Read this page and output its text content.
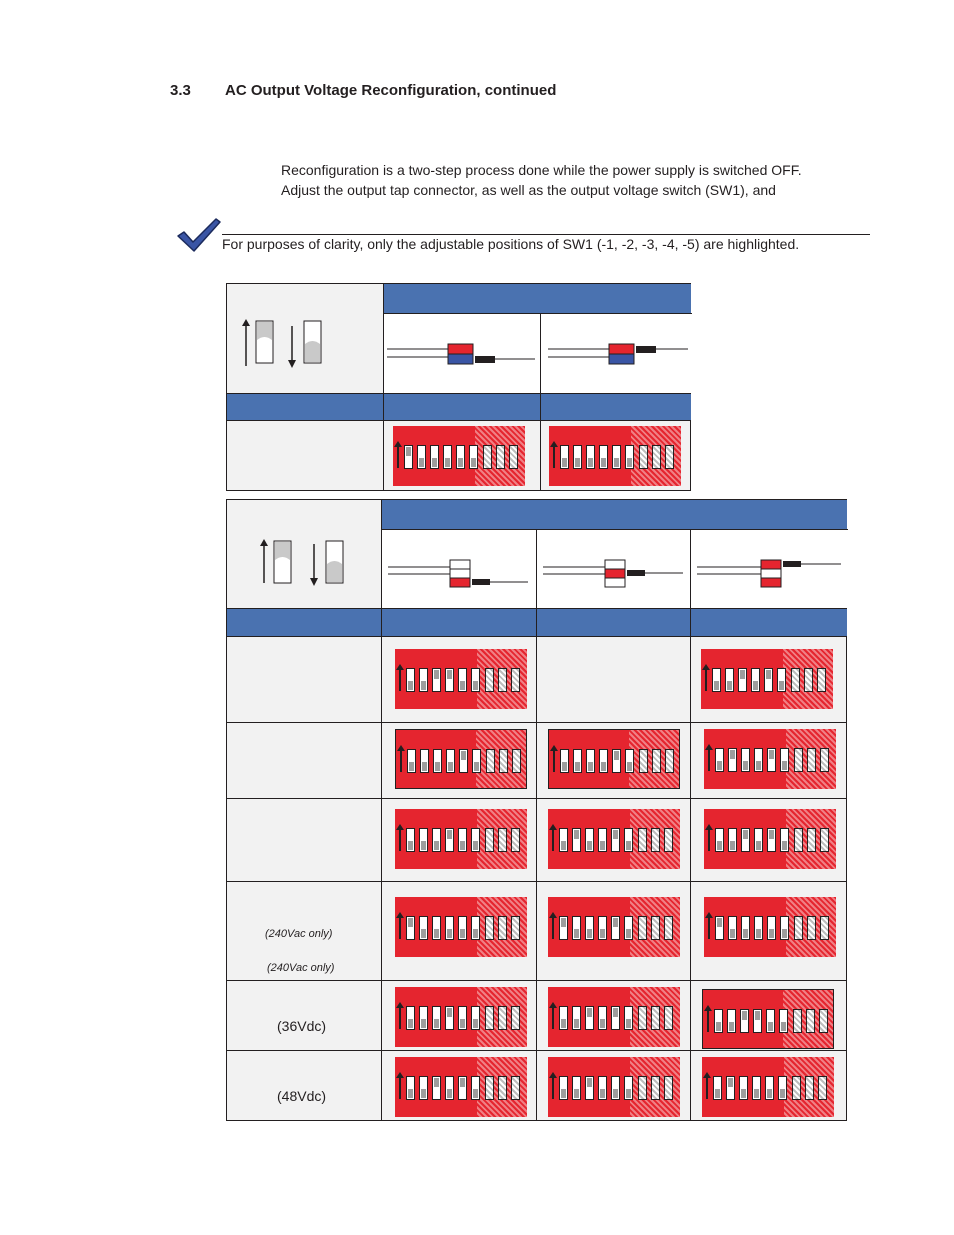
3.3 AC Output Voltage Reconfiguration, continued
Reconfiguration is a two-step process done while the power supply is switched OFF.
Adjust the output tap connector, as well as the output voltage switch (SW1), and
For purposes of clarity, only the adjustable positions of SW1 (-1, -2, -3, -4, -5) are highlighted.
(240Vac only)
(240Vac only)
(36Vdc)
(48Vdc)
